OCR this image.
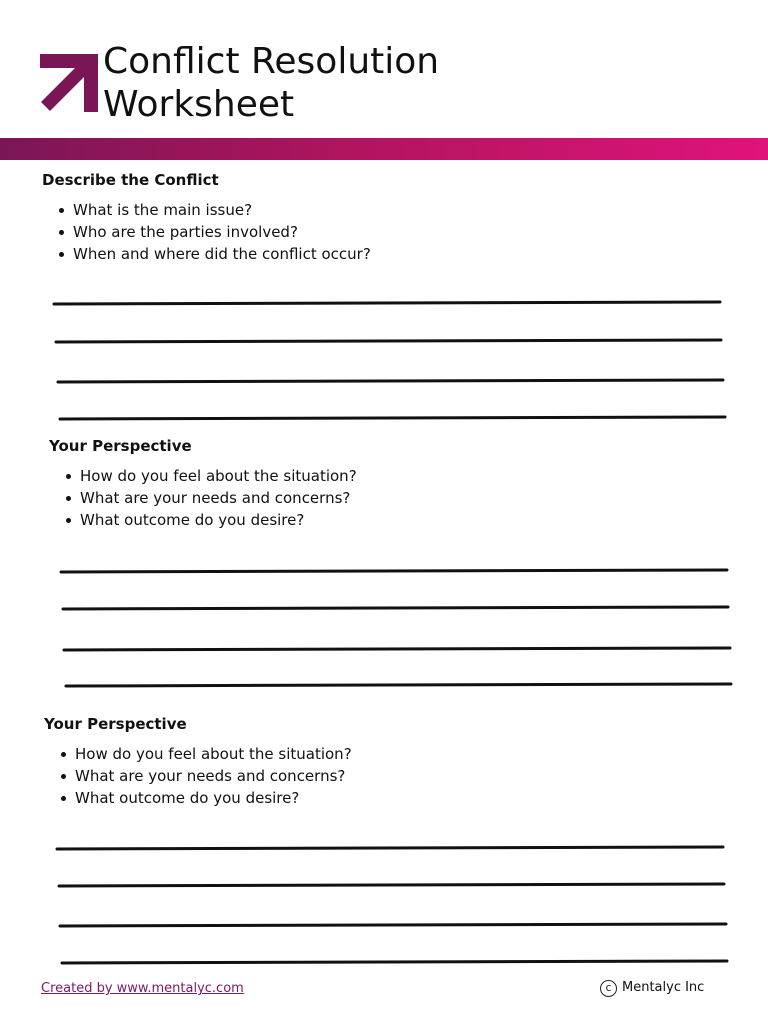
Conflict Resolution
Worksheet
Describe the Conflict
What is the main issue?
Who are the parties involved?
When and where did the conflict occur?
Your Perspective
How do you feel about the situation?
What are your needs and concerns?
What outcome do you desire?
Your Perspective
How do you feel about the situation?
What are your needs and concerns?
What outcome do you desire?
Created by www.mentalyc.com	c Mentalyc Inc
